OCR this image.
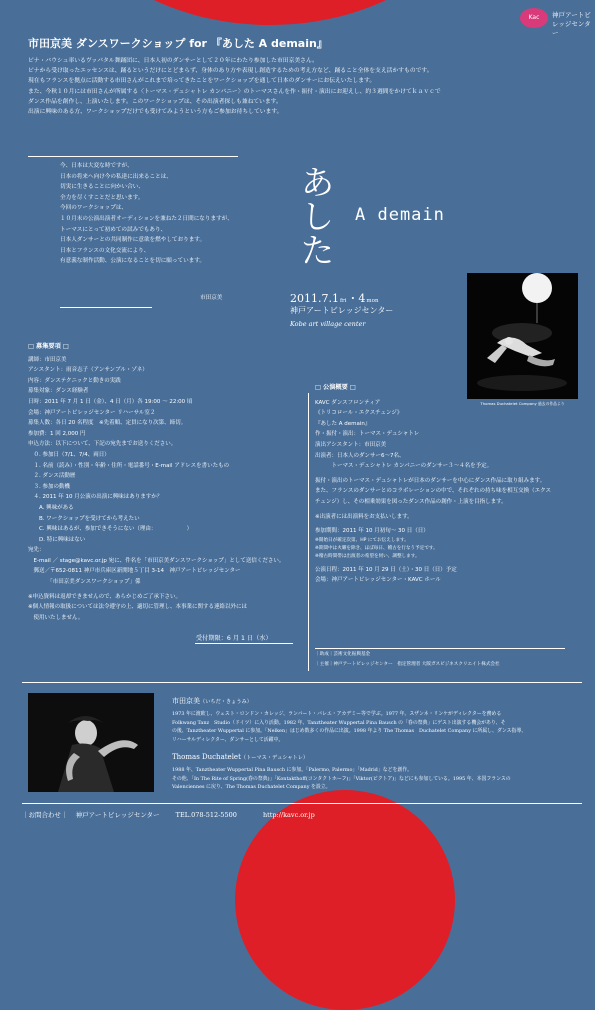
Kac	神戸アートビレッジセンター
市田京美 ダンスワークショップ for 『あした A demain』
ピナ・バウシュ率いるヴッパタル舞踊団に、日本人初のダンサーとして２０年にわたり参加した市田京美さん。
ピナから受け取ったエッセンスは、踊るというだけにとどまらず、身体のあり方や表現し創造するための考え方など、踊ること全体を支え活かすものです。
現在もフランスを拠点に活動する市田さんがこれまで培ってきたことをワークショップを通して日本のダンサーにお伝えいたします。
また、今秋１０月には市田さんが所属する〈トーマス・デュシャトレ カンパニー〉のトーマスさんを作・振付・演出にお迎えし、約３週間をかけてｋａｖｃで
ダンス作品を創作し、上演いたします。このワークショップは、その出演者探しも兼ねています。
出演に興味のある方、ワークショップだけでも受けてみようという方もご参加お待ちしています。
今、日本は大変な時ですが、
日本の将来へ向け今の私達に出来ることは、
切実に生きることに向かい合い、
全力を尽くすことだと思います。
今回のワークショップは、
１０月末の公演出演者オーディションを兼ねた２日間になりますが、
トーマスにとって初めての試みでもあり、
日本人ダンサーとの共同制作に意欲を燃やしております。
日本とフランスの文化交流により、
有意義な制作活動、公演になることを切に願っています。
市田京美
あ
し
た
A demain
2011.7.1fri・4mon
神戸アートビレッジセンター
Kobe art village center
Thomas Duchatelet Company 過去の作品より
□ 募集要項 □
講師：市田京美
アシスタント：雨音志子（アンサンブル・ゾネ）
内容：ダンステクニックと動きの実践
募集対象：ダンス経験者
日時：2011 年 7 月 1 日（金）、4 日（月）各 19:00 ～ 22:00 頃
会場：神戸アートビレッジセンター リハーサル室２
募集人数：各日 20 名程度　※先着順、定員になり次第、締切。
参加費：1 回 2,000 円
申込方法：以下について、下記の宛先までお送りください。
　０. 参加日（7/1、7/4、両日）
　１. 名前（読み）・性別・年齢・住所・電話番号・E-mail アドレスを書いたもの
　２. ダンス活動歴
　３. 参加の動機
　４. 2011 年 10 月公演の出演に興味はありますか？
　　A. 興味がある
　　B. ワークショップを受けてから考えたい
　　C. 興味はあるが、参加できそうにない（理由：　　　　　　）
　　D. 特に興味はない
宛先：
　E-mail ／ stage@kavc.or.jp 宛に、件名を「市田京美ダンスワークショップ」として送信ください。
　郵送／〒652-0811 神戸市兵庫区新開地５丁目 3-14　神戸アートビレッジセンター
　　　　「市田京美ダンスワークショップ」係
※申込資料は返却できませんので、あらかじめご了承下さい。
※個人情報の取扱については法令遵守の上、適切に管理し、本事業に関する連絡以外には
　使用いたしません。
受付期限：6 月 1 日（水）
□ 公演概要 □
KAVC ダンスフロンティア
《トリコロール・エクスチェンジ》
『あした A demain』
作・振付・演出：トーマス・デュシャトレ
演出アシスタント：市田京美
出演者：日本人のダンサー6～7名、
　　　トーマス・デュシャトレ カンパニーのダンサー３～４名を予定。
振付・演出のトーマス・デュシャトレが日本のダンサーを中心にダンス作品に取り組みます。
また、フランスのダンサーとのコラボレーションの中で、それぞれの持ち味を相互交換（エクス
チェンジ）し、その相乗効果を図ったダンス作品の創作・上演を目指します。
※出演者には出演料をお支払いします。
参加期間：2011 年 10 月初旬～ 30 日（日）
※開始日が確定次第、HP にてお伝えします。
※期間中は火曜を除き、ほぼ毎日、稽古を行なう予定です。
※稽古時間帯は出演者の希望を伺い、調整します。
公演日程：2011 年 10 月 29 日（土）・30 日（日）予定
会場：神戸アートビレッジセンター・KAVC ホール
｜助成｜芸術文化振興基金
｜主催｜神戸アートビレッジセンター　指定管理者 大阪ガスビジネスクリエイト株式会社
市田京美（いちだ・きょうみ）
1973 年に渡欧し、ウェスト・ロンドン・カレッジ、ランバート・バレエ・アカデミー等で学ぶ。1977 年、スザンネ・リンケがディレクターを務める
Folkwang Tanz　Studio（ドイツ）に入り活動。1982 年、Tanztheater Wuppertal Pina Bausch の「春の祭典」にゲスト出演する機会があり、そ
の後、Tanztheater Wuppertal に参加。「Nelken」はじめ数多くの作品に出演。1998 年より The Thomas　Duchatelet Company に所属し、ダンス指導、
リハーサルディレクター、ダンサーとして活躍中。
Thomas Duchatelet（トーマス・デュシャトレ）
1988 年、Tanztheater Wuppertal Pina Bausch に参加。「Palermo, Palermo」「Madrid」などを創作。
その他、「In The Rite of Spring(春の祭典)」「Kontakthoff(コンタクトホーフ)」「Viktor(ビクトア)」などにも参加している。1995 年、本国フランスの
Valenciennes に戻り、The Thomas Duchatelet Company を設立。
｜お問合わせ｜ 神戸アートビレッジセンター TEL.078-512-5500	http://kavc.or.jp
